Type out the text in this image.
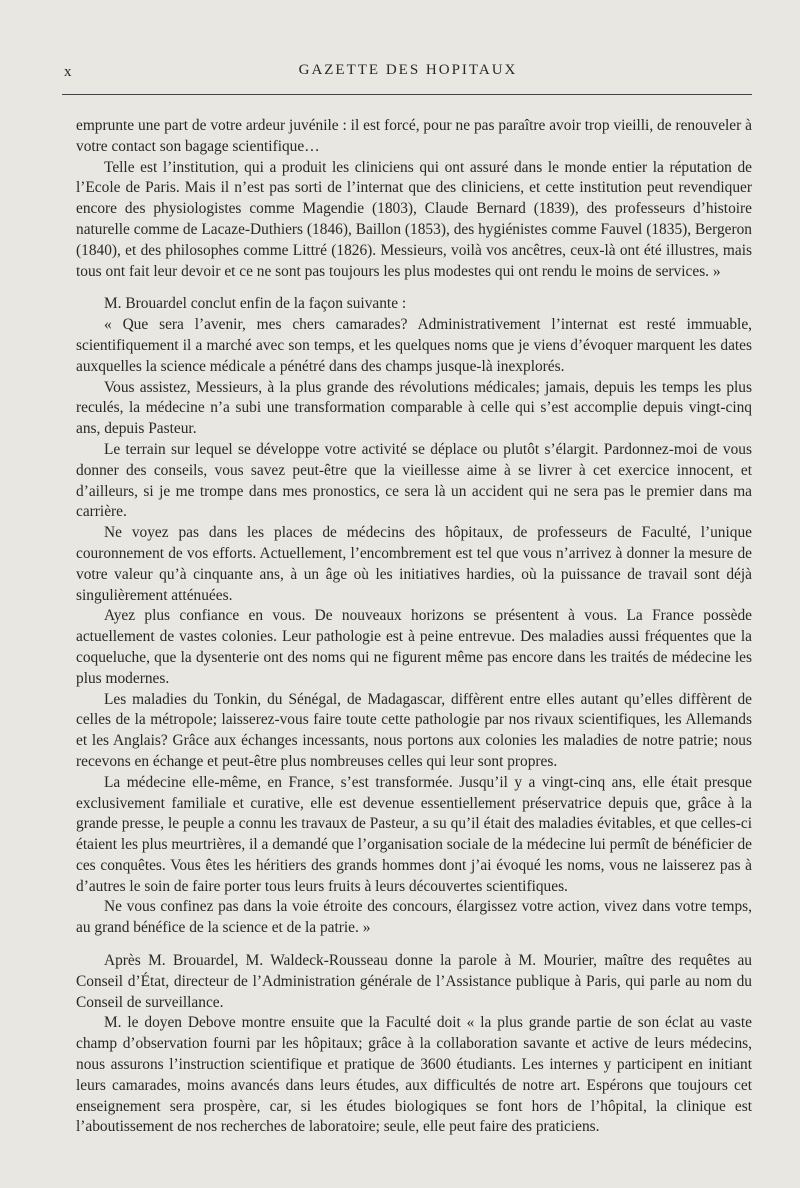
x	GAZETTE DES HOPITAUX

emprunte une part de votre ardeur juvénile : il est forcé, pour ne pas paraître avoir trop vieilli, de renouveler à votre contact son bagage scientifique…

Telle est l’institution, qui a produit les cliniciens qui ont assuré dans le monde entier la réputation de l’Ecole de Paris. Mais il n’est pas sorti de l’internat que des cliniciens, et cette institution peut revendiquer encore des physiologistes comme Magendie (1803), Claude Bernard (1839), des professeurs d’histoire naturelle comme de Lacaze-Duthiers (1846), Baillon (1853), des hygiénistes comme Fauvel (1835), Bergeron (1840), et des philosophes comme Littré (1826). Messieurs, voilà vos ancêtres, ceux-là ont été illustres, mais tous ont fait leur devoir et ce ne sont pas toujours les plus modestes qui ont rendu le moins de services. »

M. Brouardel conclut enfin de la façon suivante :

« Que sera l’avenir, mes chers camarades? Administrativement l’internat est resté immuable, scientifiquement il a marché avec son temps, et les quelques noms que je viens d’évoquer marquent les dates auxquelles la science médicale a pénétré dans des champs jusque-là inexplorés.

Vous assistez, Messieurs, à la plus grande des révolutions médicales; jamais, depuis les temps les plus reculés, la médecine n’a subi une transformation comparable à celle qui s’est accomplie depuis vingt-cinq ans, depuis Pasteur.

Le terrain sur lequel se développe votre activité se déplace ou plutôt s’élargit. Pardonnez-moi de vous donner des conseils, vous savez peut-être que la vieillesse aime à se livrer à cet exercice innocent, et d’ailleurs, si je me trompe dans mes pronostics, ce sera là un accident qui ne sera pas le premier dans ma carrière.

Ne voyez pas dans les places de médecins des hôpitaux, de professeurs de Faculté, l’unique couronnement de vos efforts. Actuellement, l’encombrement est tel que vous n’arrivez à donner la mesure de votre valeur qu’à cinquante ans, à un âge où les initiatives hardies, où la puissance de travail sont déjà singulièrement atténuées.

Ayez plus confiance en vous. De nouveaux horizons se présentent à vous. La France possède actuellement de vastes colonies. Leur pathologie est à peine entrevue. Des maladies aussi fréquentes que la coqueluche, que la dysenterie ont des noms qui ne figurent même pas encore dans les traités de médecine les plus modernes.

Les maladies du Tonkin, du Sénégal, de Madagascar, diffèrent entre elles autant qu’elles diffèrent de celles de la métropole; laisserez-vous faire toute cette pathologie par nos rivaux scientifiques, les Allemands et les Anglais? Grâce aux échanges incessants, nous portons aux colonies les maladies de notre patrie; nous recevons en échange et peut-être plus nombreuses celles qui leur sont propres.

La médecine elle-même, en France, s’est transformée. Jusqu’il y a vingt-cinq ans, elle était presque exclusivement familiale et curative, elle est devenue essentiellement préservatrice depuis que, grâce à la grande presse, le peuple a connu les travaux de Pasteur, a su qu’il était des maladies évitables, et que celles-ci étaient les plus meurtrières, il a demandé que l’organisation sociale de la médecine lui permît de bénéficier de ces conquêtes. Vous êtes les héritiers des grands hommes dont j’ai évoqué les noms, vous ne laisserez pas à d’autres le soin de faire porter tous leurs fruits à leurs découvertes scientifiques.

Ne vous confinez pas dans la voie étroite des concours, élargissez votre action, vivez dans votre temps, au grand bénéfice de la science et de la patrie. »

Après M. Brouardel, M. Waldeck-Rousseau donne la parole à M. Mourier, maître des requêtes au Conseil d’État, directeur de l’Administration générale de l’Assistance publique à Paris, qui parle au nom du Conseil de surveillance.

M. le doyen Debove montre ensuite que la Faculté doit « la plus grande partie de son éclat au vaste champ d’observation fourni par les hôpitaux; grâce à la collaboration savante et active de leurs médecins, nous assurons l’instruction scientifique et pratique de 3600 étudiants. Les internes y participent en initiant leurs camarades, moins avancés dans leurs études, aux difficultés de notre art. Espérons que toujours cet enseignement sera prospère, car, si les études biologiques se font hors de l’hôpital, la clinique est l’aboutissement de nos recherches de laboratoire; seule, elle peut faire des praticiens.
